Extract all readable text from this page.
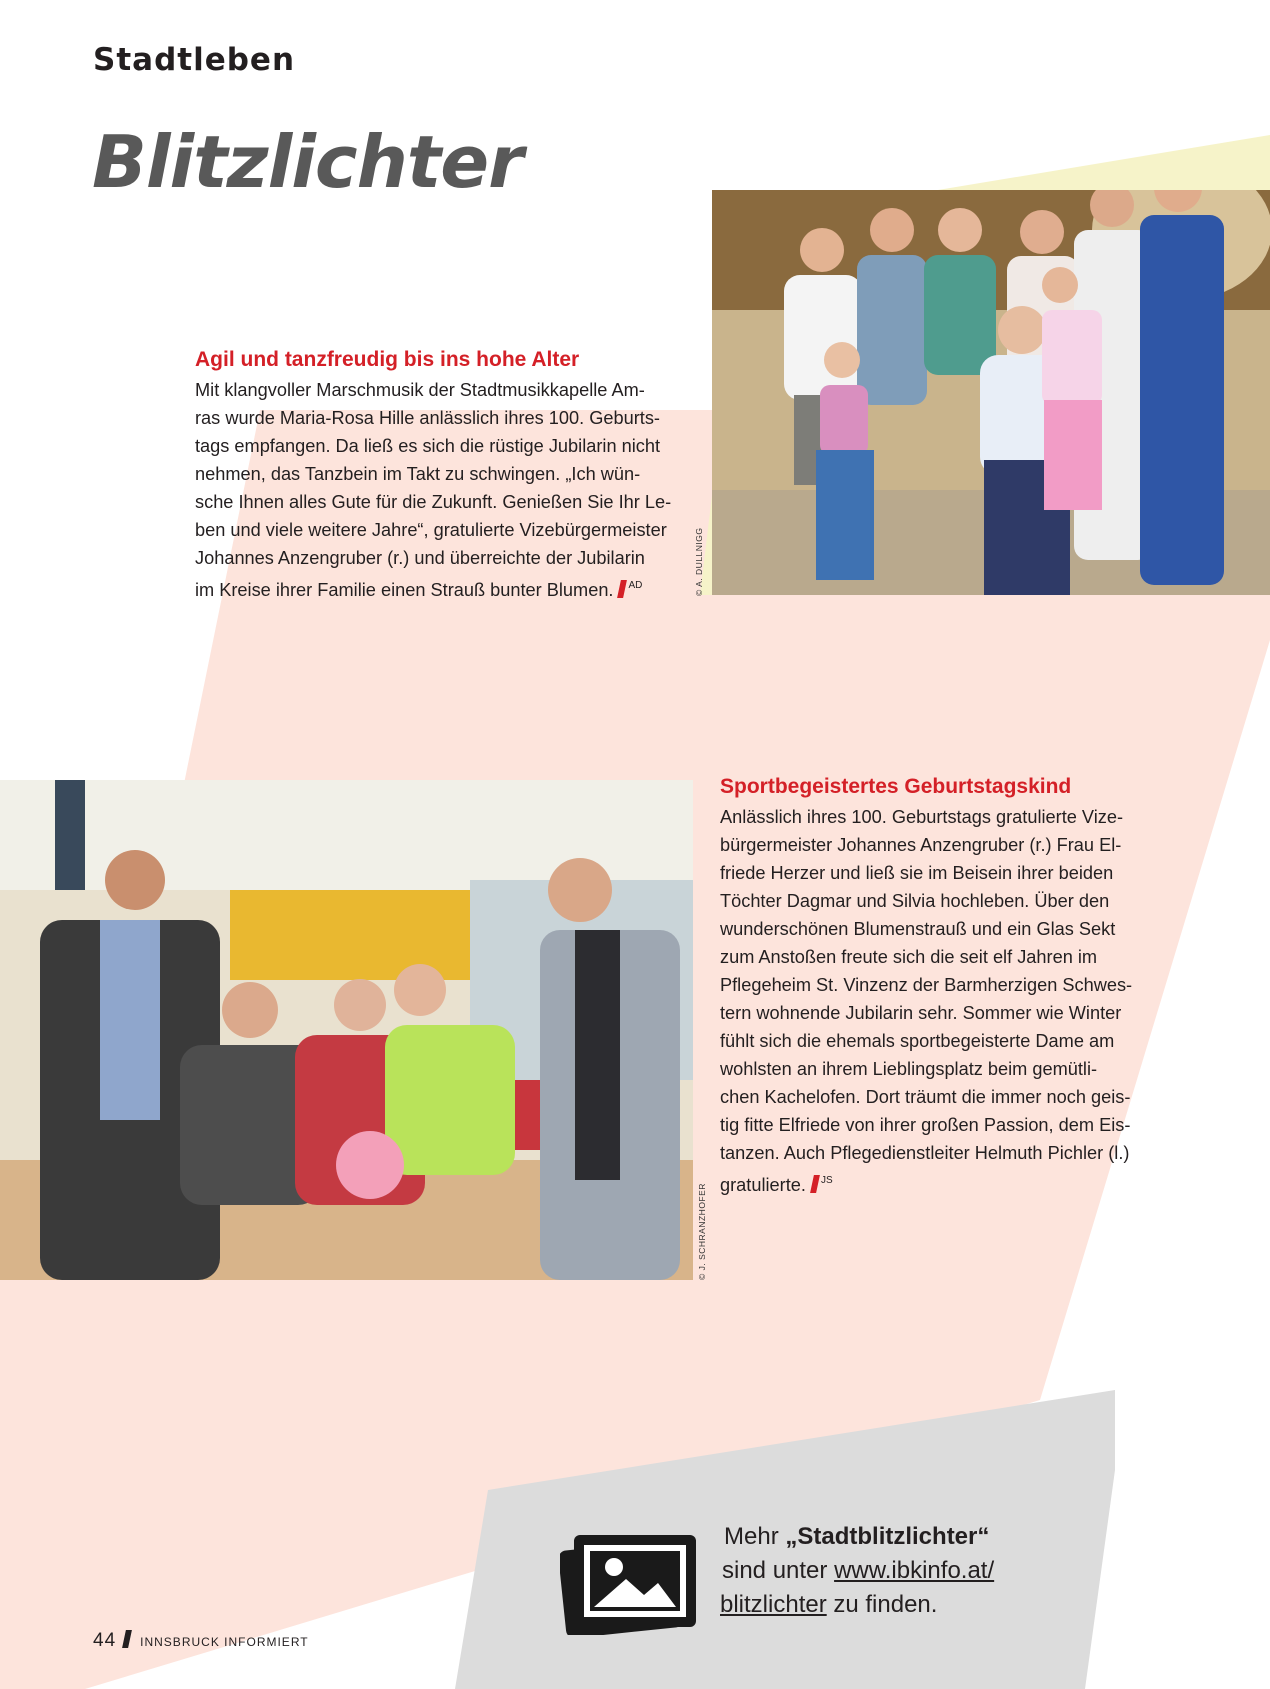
Stadtleben
Blitzlichter
Agil und tanzfreudig bis ins hohe Alter

Mit klangvoller Marschmusik der Stadtmusikkapelle Am-
ras wurde Maria-Rosa Hille anlässlich ihres 100. Geburts-
tags empfangen. Da ließ es sich die rüstige Jubilarin nicht
nehmen, das Tanzbein im Takt zu schwingen. „Ich wün-
sche Ihnen alles Gute für die Zukunft. Genießen Sie Ihr Le-
ben und viele weitere Jahre“, gratulierte Vizebürgermeister
Johannes Anzengruber (r.) und überreichte der Jubilarin
im Kreise ihrer Familie einen Strauß bunter Blumen. $^{AD}$	© A. DULLNIGG
© J. SCHRANZHOFER
Sportbegeistertes Geburtstagskind

Anlässlich ihres 100. Geburtstags gratulierte Vize-
bürgermeister Johannes Anzengruber (r.) Frau El-
friede Herzer und ließ sie im Beisein ihrer beiden
Töchter Dagmar und Silvia hochleben. Über den
wunderschönen Blumenstrauß und ein Glas Sekt
zum Anstoßen freute sich die seit elf Jahren im
Pflegeheim St. Vinzenz der Barmherzigen Schwes-
tern wohnende Jubilarin sehr. Sommer wie Winter
fühlt sich die ehemals sportbegeisterte Dame am
wohlsten an ihrem Lieblingsplatz beim gemütli-
chen Kachelofen. Dort träumt die immer noch geis-
tig fitte Elfriede von ihrer großen Passion, dem Eis-
tanzen. Auch Pflegedienstleiter Helmuth Pichler (l.)
gratulierte. $^{JS}$

Mehr „Stadtblitzlichter“
sind unter www.ibkinfo.at/
blitzlichter zu finden.
44 INNSBRUCK INFORMIERT
